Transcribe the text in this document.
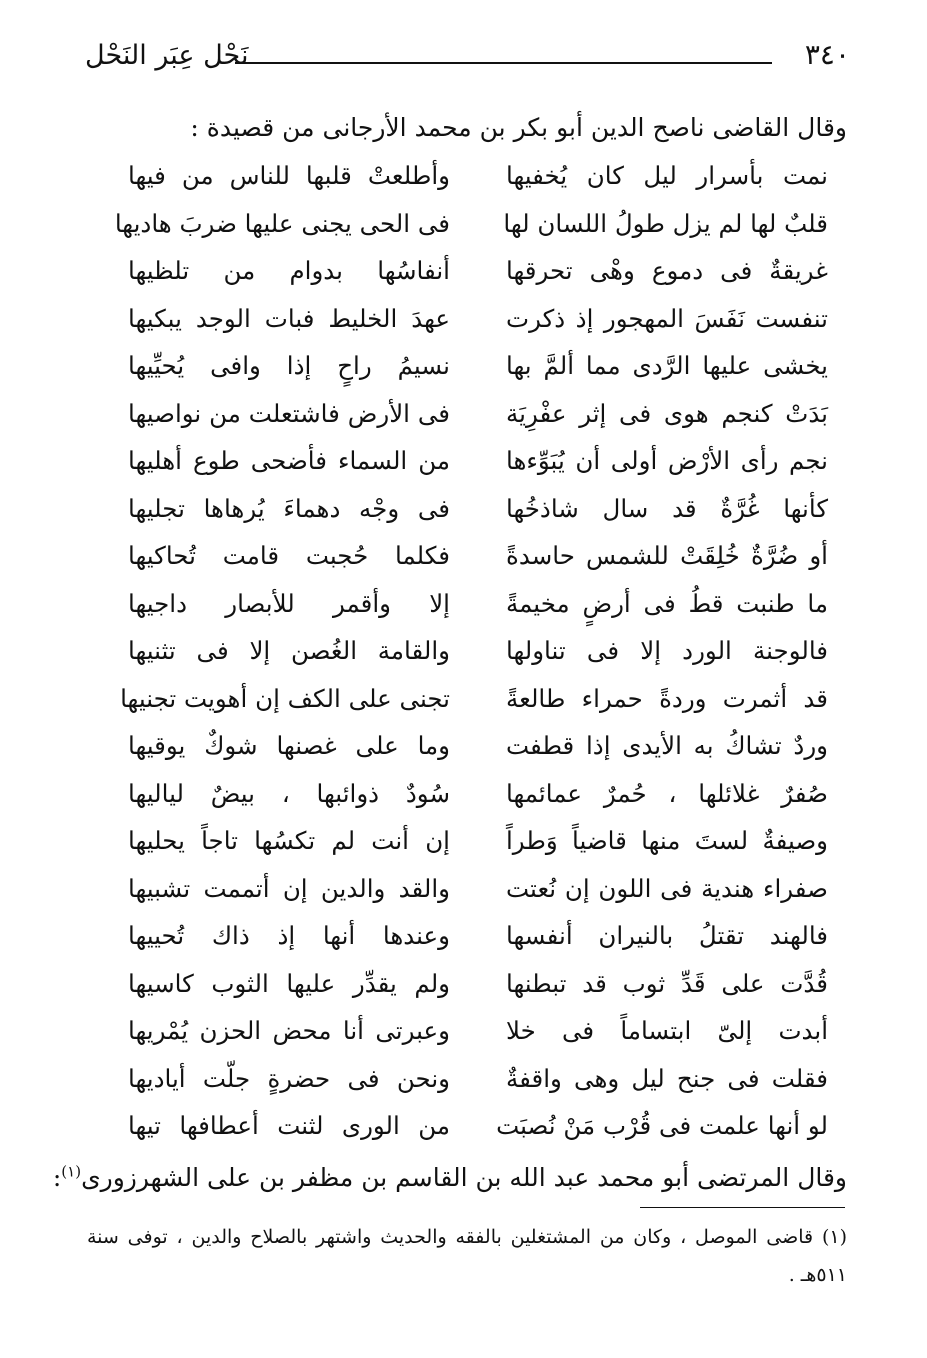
٣٤٠
نَحْل عِبَر النَحْل
وقال القاضى ناصح الدين أبو بكر بن محمد الأرجانى من قصيدة :
نمت بأسرار ليل كان يُخفيها
وأطلعتْ قلبها للناس من فيها
قلبٌ لها لم يزل طولُ اللسان لها
فى الحى يجنى عليها ضربَ هاديها
غريقةٌ فى دموع وهْى تحرقها
أنفاسُها بدوام من تلظيها
تنفست نَفَسَ المهجور إذ ذكرت
عهدَ الخليط فبات الوجد يبكيها
يخشى عليها الرَّدى مما ألمَّ بها
نسيمُ راحٍ إذا وافى يُحيِّيها
بَدَتْ كنجم هوى فى إثر عفْرِيَة
فى الأرض فاشتعلت من نواصيها
نجم رأى الأرْض أولى أن يُبَوِّءها
من السماء فأضحى طوع أهليها
كأنها غُرَّةٌ قد سال شاذخُها
فى وجْه دهماءَ يُرهاها تجليها
أو ضُرَّةٌ خُلِقَتْ للشمس حاسدةً
فكلما حُجبت قامت تُحاكيها
ما طنبت قطُ فى أرضٍ مخيمةً
إلا وأقمر للأبصار داجيها
فالوجنة الورد إلا فى تناولها
والقامة الغُصن إلا فى تثنيها
قد أثمرت وردةً حمراء طالعةً
تجنى على الكف إن أهويت تجنيها
وردٌ تشاكُ به الأيدى إذا قطفت
وما على غصنها شوكٌ يوقيها
صُفرٌ غلائلها ، حُمرٌ عمائمها
سُودٌ ذوائبها ، بيضٌ لياليها
وصيفةٌ لستَ منها قاضياً وَطراً
إن أنت لم تكسُها تاجاً يحليها
صفراء هندية فى اللون إن نُعتت
والقد والدين إن أتممت تشبيها
فالهند تقتلُ بالنيران أنفسها
وعندها أنها إذ ذاك تُحييها
قُدَّت على قَدِّ ثوب قد تبطنها
ولم يقدِّر عليها الثوب كاسيها
أبدت إلىّ ابتساماً فى خلا
وعبرتى أنا محض الحزن يُمْريها
فقلت فى جنح ليل وهى واقفةٌ
ونحن فى حضرةٍ جلّت أياديها
لو أنها علمت فى قُرْب مَنْ نُصبَت
من الورى لثنت أعطافها تيها
وقال المرتضى أبو محمد عبد الله بن القاسم بن مظفر بن على الشهرزورى$^{(١)}$:
(١) قاضى الموصل ، وكان من المشتغلين بالفقه والحديث واشتهر بالصلاح والدين ، توفى سنة ٥١١هـ .
